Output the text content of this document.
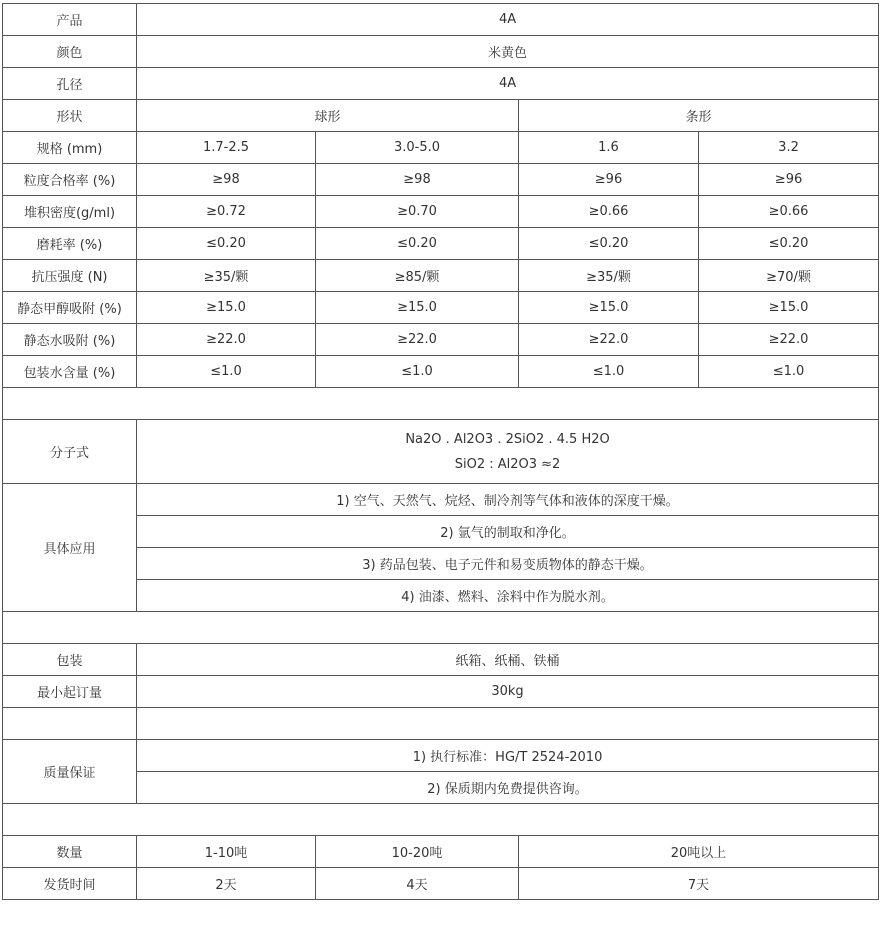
产品	4A			
颜色	米黄色			
孔径	4A			
形状	球形		条形	
规格 (mm)	1.7-2.5	3.0-5.0	1.6	3.2
粒度合格率 (%)	≥98	≥98	≥96	≥96
堆积密度(g/ml)	≥0.72	≥0.70	≥0.66	≥0.66
磨耗率 (%)	≤0.20	≤0.20	≤0.20	≤0.20
抗压强度 (N)	≥35/颗	≥85/颗	≥35/颗	≥70/颗
静态甲醇吸附 (%)	≥15.0	≥15.0	≥15.0	≥15.0
静态水吸附 (%)	≥22.0	≥22.0	≥22.0	≥22.0
包装水含量 (%)	≤1.0	≤1.0	≤1.0	≤1.0

分子式	Na2O . Al2O3 . 2SiO2 . 4.5 H2O
SiO2 : Al2O3 ≈2			

具体应用	1) 空气、天然气、烷烃、制冷剂等气体和液体的深度干燥。			
	2) 氩气的制取和净化。			
	3) 药品包装、电子元件和易变质物体的静态干燥。			
	4) 油漆、燃料、涂料中作为脱水剂。			

包装	纸箱、纸桶、铁桶			
最小起订量	30kg			

质量保证	1) 执行标准：HG/T 2524-2010			
	2) 保质期内免费提供咨询。			

数量	1-10吨	10-20吨	20吨以上	
发货时间	2天	4天	7天	
